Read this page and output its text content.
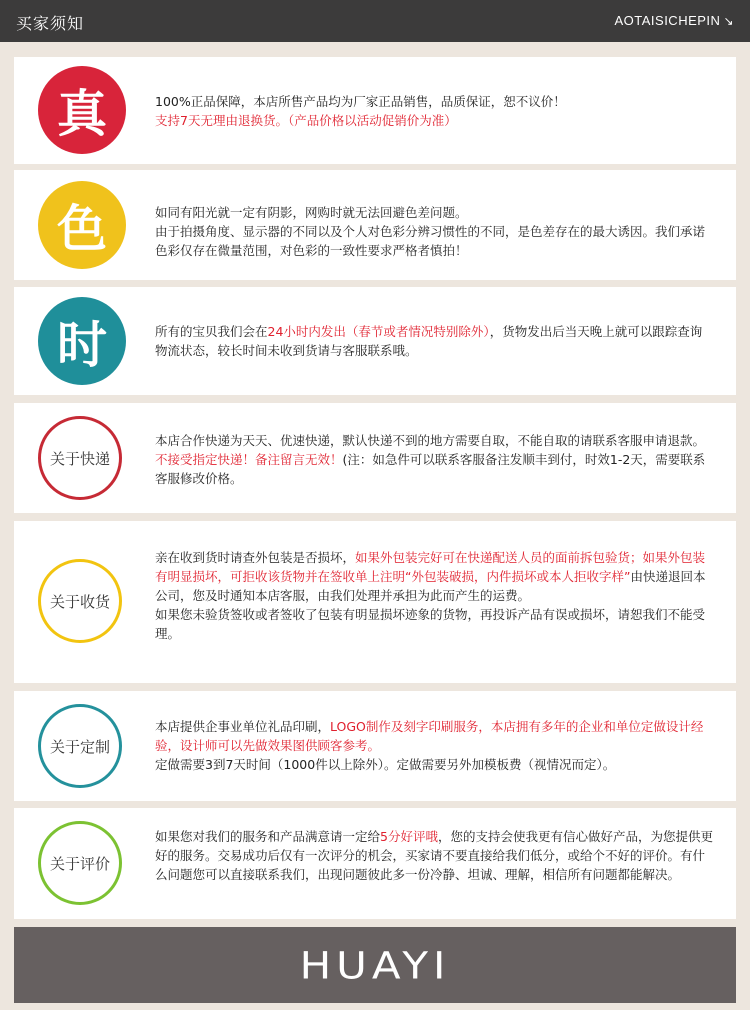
买家须知	AOTAISICHEPIN ↘
真	100%正品保障，本店所售产品均为厂家正品销售，品质保证，恕不议价！
支持7天无理由退换货。（产品价格以活动促销价为准）
色	如同有阳光就一定有阴影，网购时就无法回避色差问题。
由于拍摄角度、显示器的不同以及个人对色彩分辨习惯性的不同，是色差存在的最大诱因。我们承诺色彩仅存在微量范围，对色彩的一致性要求严格者慎拍！
时	所有的宝贝我们会在24小时内发出（春节或者情况特别除外），货物发出后当天晚上就可以跟踪查询物流状态，较长时间未收到货请与客服联系哦。
关于快递
本店合作快递为天天、优速快递，默认快递不到的地方需要自取，不能自取的请联系客服申请退款。不接受指定快递！备注留言无效！(注：如急件可以联系客服备注发顺丰到付，时效1-2天，需要联系客服修改价格。
关于收货
亲在收到货时请查外包装是否损坏，如果外包装完好可在快递配送人员的面前拆包验货；如果外包装有明显损坏，可拒收该货物并在签收单上注明“外包装破损，内件损坏或本人拒收字样”由快递退回本公司，您及时通知本店客服，由我们处理并承担为此而产生的运费。
如果您未验货签收或者签收了包装有明显损坏迹象的货物，再投诉产品有误或损坏，请恕我们不能受理。
关于定制
本店提供企事业单位礼品印刷，LOGO制作及刻字印刷服务，本店拥有多年的企业和单位定做设计经验，设计师可以先做效果图供顾客参考。
定做需要3到7天时间（1000件以上除外）。定做需要另外加模板费（视情况而定）。
关于评价
如果您对我们的服务和产品满意请一定给5分好评哦，您的支持会使我更有信心做好产品，为您提供更好的服务。交易成功后仅有一次评分的机会，买家请不要直接给我们低分，或给个不好的评价。有什么问题您可以直接联系我们，出现问题彼此多一份冷静、坦诚、理解，相信所有问题都能解决。
HUAYI
